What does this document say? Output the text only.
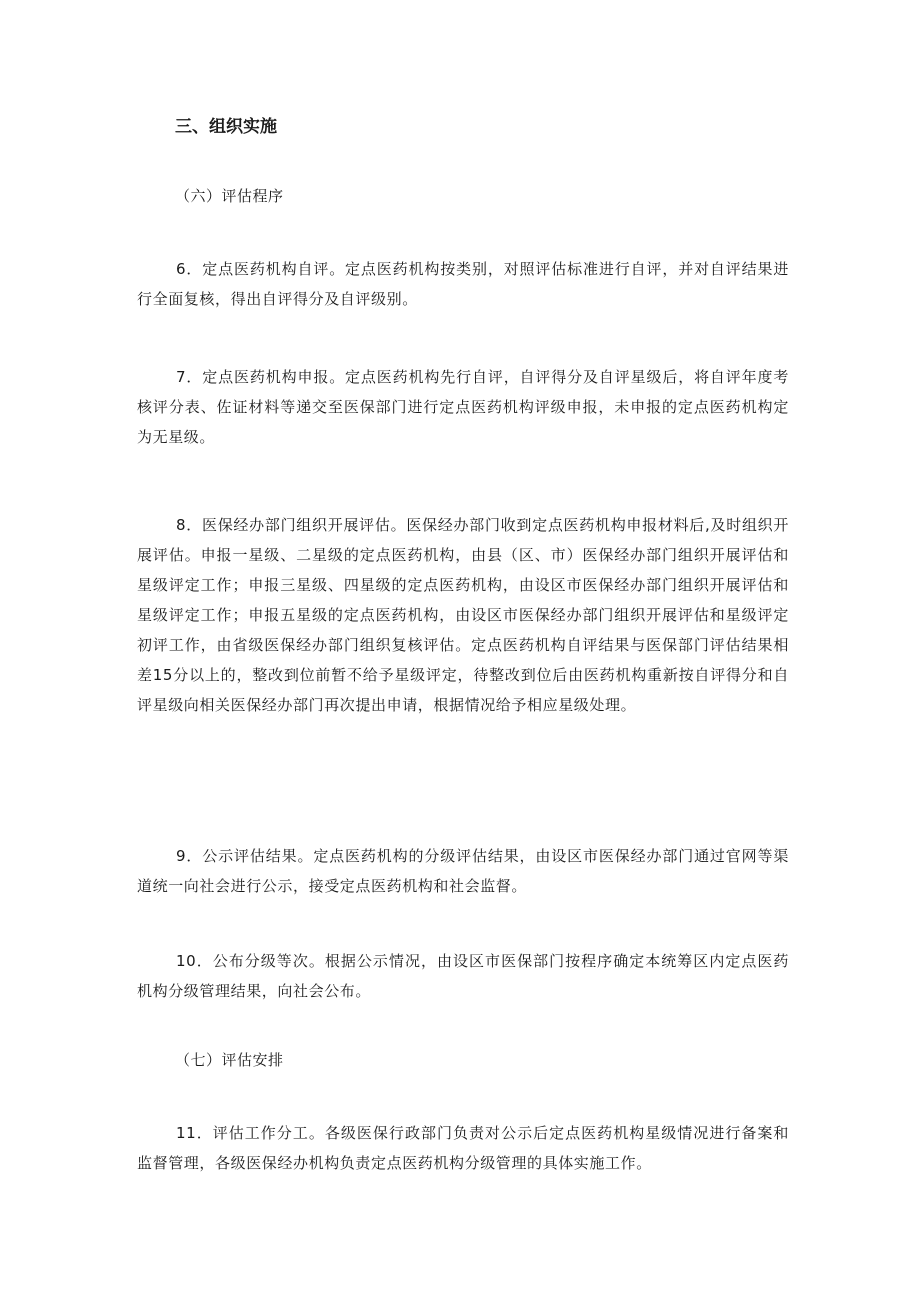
三、组织实施
（六）评估程序
6．定点医药机构自评。定点医药机构按类别，对照评估标准进行自评，并对自评结果进行全面复核，得出自评得分及自评级别。
7．定点医药机构申报。定点医药机构先行自评，自评得分及自评星级后，将自评年度考核评分表、佐证材料等递交至医保部门进行定点医药机构评级申报，未申报的定点医药机构定为无星级。
8．医保经办部门组织开展评估。医保经办部门收到定点医药机构申报材料后,及时组织开展评估。申报一星级、二星级的定点医药机构，由县（区、市）医保经办部门组织开展评估和星级评定工作；申报三星级、四星级的定点医药机构，由设区市医保经办部门组织开展评估和星级评定工作；申报五星级的定点医药机构，由设区市医保经办部门组织开展评估和星级评定初评工作，由省级医保经办部门组织复核评估。定点医药机构自评结果与医保部门评估结果相差15分以上的，整改到位前暂不给予星级评定，待整改到位后由医药机构重新按自评得分和自评星级向相关医保经办部门再次提出申请，根据情况给予相应星级处理。
9．公示评估结果。定点医药机构的分级评估结果，由设区市医保经办部门通过官网等渠道统一向社会进行公示，接受定点医药机构和社会监督。
10．公布分级等次。根据公示情况，由设区市医保部门按程序确定本统筹区内定点医药机构分级管理结果，向社会公布。
（七）评估安排
11．评估工作分工。各级医保行政部门负责对公示后定点医药机构星级情况进行备案和监督管理，各级医保经办机构负责定点医药机构分级管理的具体实施工作。
